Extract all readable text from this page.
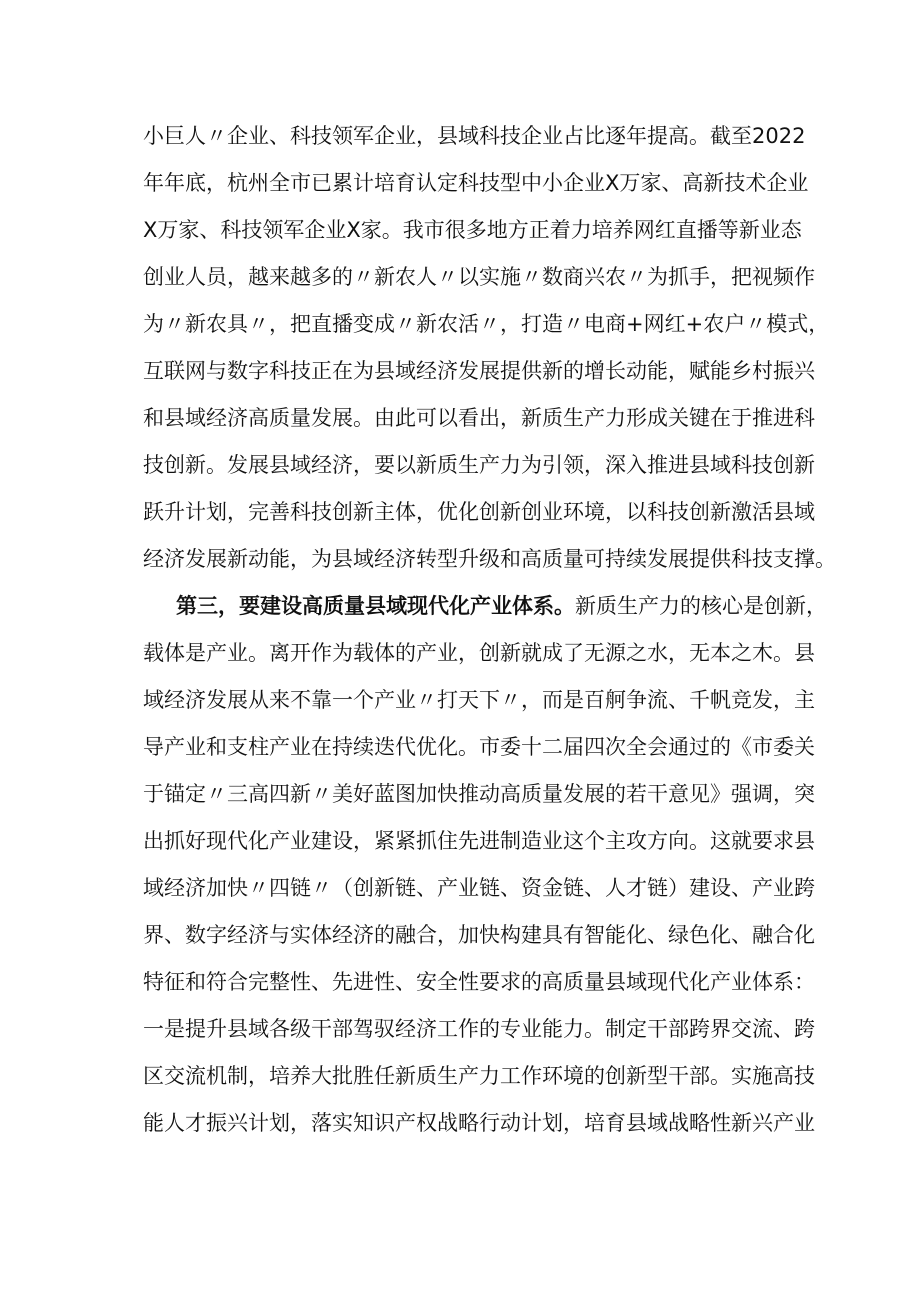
小巨人〃企业、科技领军企业，县域科技企业占比逐年提高。截至2022
年年底，杭州全市已累计培育认定科技型中小企业X万家、高新技术企业
X万家、科技领军企业X家。我市很多地方正着力培养网红直播等新业态
创业人员，越来越多的〃新农人〃以实施〃数商兴农〃为抓手，把视频作
为〃新农具〃，把直播变成〃新农活〃，打造〃电商+网红+农户〃模式，
互联网与数字科技正在为县域经济发展提供新的增长动能，赋能乡村振兴
和县域经济高质量发展。由此可以看出，新质生产力形成关键在于推进科
技创新。发展县域经济，要以新质生产力为引领，深入推进县域科技创新
跃升计划，完善科技创新主体，优化创新创业环境，以科技创新激活县域
经济发展新动能，为县域经济转型升级和高质量可持续发展提供科技支撑。
第三，要建设高质量县域现代化产业体系。新质生产力的核心是创新，
载体是产业。离开作为载体的产业，创新就成了无源之水，无本之木。县
域经济发展从来不靠一个产业〃打天下〃，而是百舸争流、千帆竞发，主
导产业和支柱产业在持续迭代优化。市委十二届四次全会通过的《市委关
于锚定〃三高四新〃美好蓝图加快推动高质量发展的若干意见》强调，突
出抓好现代化产业建设，紧紧抓住先进制造业这个主攻方向。这就要求县
域经济加快〃四链〃（创新链、产业链、资金链、人才链）建设、产业跨
界、数字经济与实体经济的融合，加快构建具有智能化、绿色化、融合化
特征和符合完整性、先进性、安全性要求的高质量县域现代化产业体系：
一是提升县域各级干部驾驭经济工作的专业能力。制定干部跨界交流、跨
区交流机制，培养大批胜任新质生产力工作环境的创新型干部。实施高技
能人才振兴计划，落实知识产权战略行动计划，培育县域战略性新兴产业
